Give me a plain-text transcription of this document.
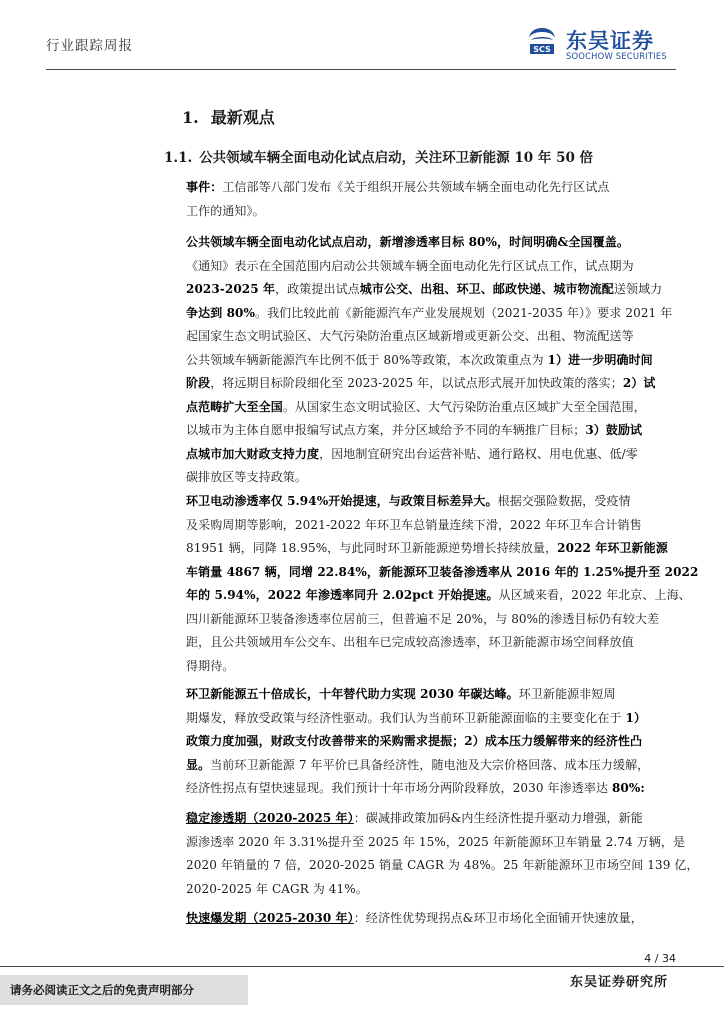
行业跟踪周报	SCS 东吴证券
SOOCHOW SECURITIES
1. 最新观点
1.1. 公共领域车辆全面电动化试点启动，关注环卫新能源 10 年 50 倍
事件：工信部等八部门发布《关于组织开展公共领域车辆全面电动化先行区试点
工作的通知》。
公共领域车辆全面电动化试点启动，新增渗透率目标 80%，时间明确&全国覆盖。
《通知》表示在全国范围内启动公共领域车辆全面电动化先行区试点工作，试点期为
2023-2025 年，政策提出试点城市公交、出租、环卫、邮政快递、城市物流配送领域力
争达到 80%。我们比较此前《新能源汽车产业发展规划（2021-2035 年）》要求 2021 年
起国家生态文明试验区、大气污染防治重点区域新增或更新公交、出租、物流配送等
公共领域车辆新能源汽车比例不低于 80%等政策，本次政策重点为 1）进一步明确时间
阶段，将远期目标阶段细化至 2023-2025 年，以试点形式展开加快政策的落实；2）试
点范畴扩大至全国。从国家生态文明试验区、大气污染防治重点区域扩大至全国范围，
以城市为主体自愿申报编写试点方案，并分区域给予不同的车辆推广目标；3）鼓励试
点城市加大财政支持力度，因地制宜研究出台运营补贴、通行路权、用电优惠、低/零
碳排放区等支持政策。
环卫电动渗透率仅 5.94%开始提速，与政策目标差异大。根据交强险数据，受疫情
及采购周期等影响，2021-2022 年环卫车总销量连续下滑，2022 年环卫车合计销售
81951 辆，同降 18.95%，与此同时环卫新能源逆势增长持续放量，2022 年环卫新能源
车销量 4867 辆，同增 22.84%，新能源环卫装备渗透率从 2016 年的 1.25%提升至 2022
年的 5.94%，2022 年渗透率同升 2.02pct 开始提速。从区域来看，2022 年北京、上海、
四川新能源环卫装备渗透率位居前三，但普遍不足 20%，与 80%的渗透目标仍有较大差
距，且公共领域用车公交车、出租车已完成较高渗透率，环卫新能源市场空间释放值
得期待。
环卫新能源五十倍成长，十年替代助力实现 2030 年碳达峰。环卫新能源非短周
期爆发，释放受政策与经济性驱动。我们认为当前环卫新能源面临的主要变化在于 1）
政策力度加强，财政支付改善带来的采购需求提振；2）成本压力缓解带来的经济性凸
显。当前环卫新能源 7 年平价已具备经济性，随电池及大宗价格回落、成本压力缓解，
经济性拐点有望快速显现。我们预计十年市场分两阶段释放，2030 年渗透率达 80%:
稳定渗透期（2020-2025 年）：碳减排政策加码&内生经济性提升驱动力增强，新能
源渗透率 2020 年 3.31%提升至 2025 年 15%，2025 年新能源环卫车销量 2.74 万辆，是
2020 年销量的 7 倍，2020-2025 销量 CAGR 为 48%。25 年新能源环卫市场空间 139 亿，
2020-2025 年 CAGR 为 41%。
快速爆发期（2025-2030 年）：经济性优势现拐点&环卫市场化全面铺开快速放量，
4 / 34
请务必阅读正文之后的免责声明部分	东吴证券研究所
